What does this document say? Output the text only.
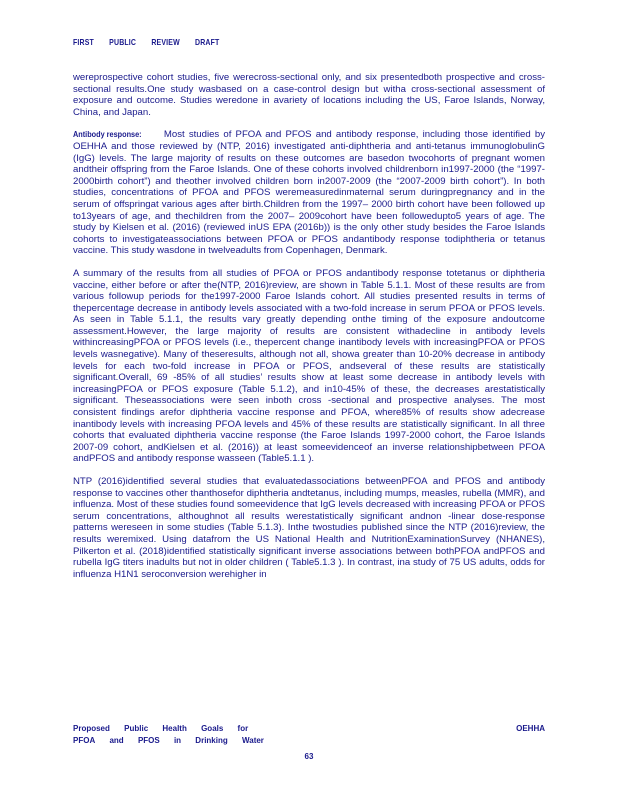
FIRST PUBLIC REVIEW DRAFT

wereprospective cohort studies, five werecross-sectional only, and six presentedboth prospective and cross-sectional results.One study wasbased on a case-control design but witha cross-sectional assessment of exposure and outcome. Studies weredone in avariety of locations including the US, Faroe Islands, Norway, China, and Japan.

Antibody response: Most studies of PFOA and PFOS and antibody response, including those identified by OEHHA and those reviewed by (NTP, 2016) investigated anti-diphtheria and anti-tetanus immunoglobulinG (IgG) levels. The large majority of results on these outcomes are basedon twocohorts of pregnant women andtheir offspring from the Faroe Islands. One of these cohorts involved childrenborn in1997-2000 (the “1997-2000birth cohort”) and theother involved children born in2007-2009 (the “2007-2009 birth cohort”). In both studies, concentrations of PFOA and PFOS weremeasuredinmaternal serum duringpregnancy and in the serum of offspringat various ages after birth.Children from the 1997– 2000 birth cohort have been followed up to13years of age, and thechildren from the 2007– 2009cohort have been followedupto5 years of age. The study by Kielsen et al. (2016) (reviewed inUS EPA (2016b)) is the only other study besides the Faroe Islands cohorts to investigateassociations between PFOA or PFOS andantibody response todiphtheria or tetanus vaccine. This study wasdone in twelveadults from Copenhagen, Denmark.

A summary of the results from all studies of PFOA or PFOS andantibody response totetanus or diphtheria vaccine, either before or after the(NTP, 2016)review, are shown in Table 5.1.1. Most of these results are from various followup periods for the1997-2000 Faroe Islands cohort. All studies presented results in terms of thepercentage decrease in antibody levels associated with a two-fold increase in serum PFOA or PFOS levels. As seen in Table 5.1.1, the results vary greatly depending onthe timing of the exposure andoutcome assessment.However, the large majority of results are consistent withadecline in antibody levels withincreasingPFOA or PFOS levels (i.e., thepercent change inantibody levels with increasingPFOA or PFOS levels wasnegative). Many of theseresults, although not all, showa greater than 10-20% decrease in antibody levels for each two-fold increase in PFOA or PFOS, andseveral of these results are statistically significant.Overall, 69 -85% of all studies’ results show at least some decrease in antibody levels with increasingPFOA or PFOS exposure (Table 5.1.2), and in10-45% of these, the decreases arestatistically significant. Theseassociations were seen inboth cross -sectional and prospective analyses. The most consistent findings arefor diphtheria vaccine response and PFOA, where85% of results show adecrease inantibody levels with increasing PFOA levels and 45% of these results are statistically significant. In all three cohorts that evaluated diphtheria vaccine response (the Faroe Islands 1997-2000 cohort, the Faroe Islands 2007-09 cohort, andKielsen et al. (2016)) at least someevidenceof an inverse relationshipbetween PFOA andPFOS and antibody response wasseen (Table5.1.1 ).

NTP (2016)identified several studies that evaluatedassociations betweenPFOA and PFOS and antibody response to vaccines other thanthosefor diphtheria andtetanus, including mumps, measles, rubella (MMR), and influenza. Most of these studies found someevidence that IgG levels decreased with increasing PFOA or PFOS serum concentrations, althoughnot all results werestatistically significant andnon -linear dose-response patterns wereseen in some studies (Table 5.1.3). Inthe twostudies published since the NTP (2016)review, the results weremixed. Using datafrom the US National Health and NutritionExaminationSurvey (NHANES), Pilkerton et al. (2018)identified statistically significant inverse associations between bothPFOA andPFOS and rubella IgG titers inadults but not in older children ( Table5.1.3 ). In contrast, ina study of 75 US adults, odds for influenza H1N1 seroconversion werehigher in

Proposed Public Health Goals for	OEHHA
PFOA and PFOS in Drinking Water
63
